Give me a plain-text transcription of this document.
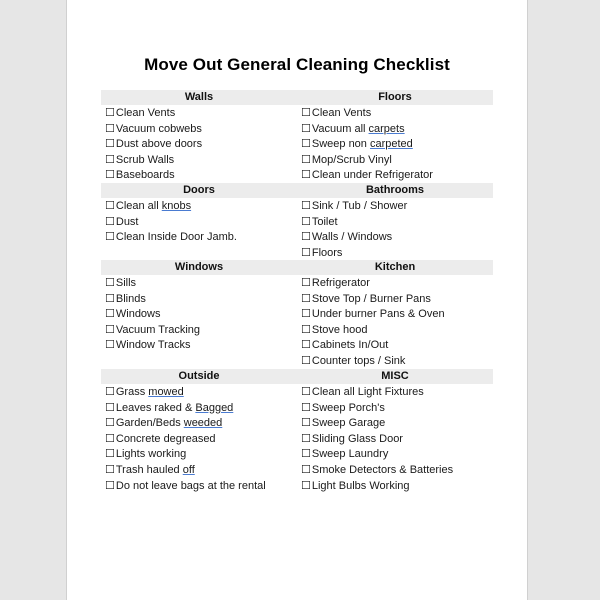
Move Out General Cleaning Checklist
Walls
☐Clean Vents
☐Vacuum cobwebs
☐Dust above doors
☐Scrub Walls
☐Baseboards
Floors
☐Clean Vents
☐Vacuum all carpets
☐Sweep non carpeted
☐Mop/Scrub Vinyl
☐Clean under Refrigerator
Doors
☐Clean all knobs
☐Dust
☐Clean Inside Door Jamb.
Bathrooms
☐Sink / Tub / Shower
☐Toilet
☐Walls / Windows
☐Floors
Windows
☐Sills
☐Blinds
☐Windows
☐Vacuum Tracking
☐Window Tracks
Kitchen
☐Refrigerator
☐Stove Top / Burner Pans
☐Under burner Pans & Oven
☐Stove hood
☐Cabinets In/Out
☐Counter tops / Sink
Outside
☐Grass mowed
☐Leaves raked & Bagged
☐Garden/Beds weeded
☐Concrete degreased
☐Lights working
☐Trash hauled off
☐Do not leave bags at the rental
MISC
☐Clean all Light Fixtures
☐Sweep Porch's
☐Sweep Garage
☐Sliding Glass Door
☐Sweep Laundry
☐Smoke Detectors & Batteries
☐Light Bulbs Working
